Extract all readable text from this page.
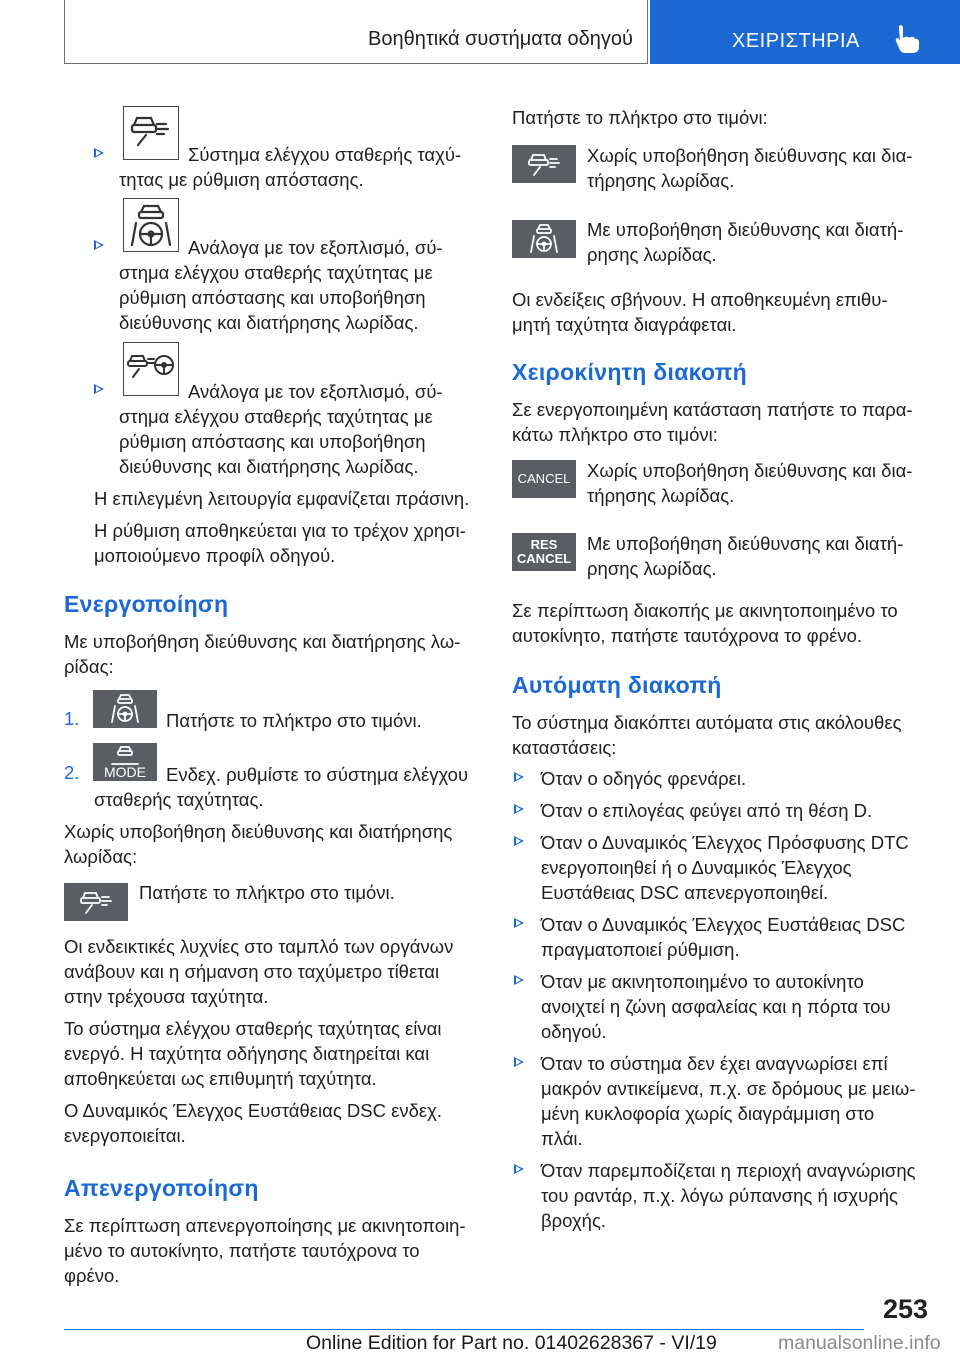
Βοηθητικά συστήματα οδηγού	ΧΕΙΡΙΣΤΗΡΙΑ
Σύστημα ελέγχου σταθερής ταχύ-
τητας με ρύθμιση απόστασης.
Ανάλογα με τον εξοπλισμό, σύ-
στημα ελέγχου σταθερής ταχύτητας με
ρύθμιση απόστασης και υποβοήθηση
διεύθυνσης και διατήρησης λωρίδας.
Ανάλογα με τον εξοπλισμό, σύ-
στημα ελέγχου σταθερής ταχύτητας με
ρύθμιση απόστασης και υποβοήθηση
διεύθυνσης και διατήρησης λωρίδας.
Η επιλεγμένη λειτουργία εμφανίζεται πράσινη.
Η ρύθμιση αποθηκεύεται για το τρέχον χρησι-
μοποιούμενο προφίλ οδηγού.
Ενεργοποίηση
Με υποβοήθηση διεύθυνσης και διατήρησης λω-
ρίδας:
1.	Πατήστε το πλήκτρο στο τιμόνι.
2.	MODE	Ενδεχ. ρυθμίστε το σύστημα ελέγχου
σταθερής ταχύτητας.
Χωρίς υποβοήθηση διεύθυνσης και διατήρησης
λωρίδας:
Πατήστε το πλήκτρο στο τιμόνι.
Οι ενδεικτικές λυχνίες στο ταμπλό των οργάνων
ανάβουν και η σήμανση στο ταχύμετρο τίθεται
στην τρέχουσα ταχύτητα.
Το σύστημα ελέγχου σταθερής ταχύτητας είναι
ενεργό. Η ταχύτητα οδήγησης διατηρείται και
αποθηκεύεται ως επιθυμητή ταχύτητα.
Ο Δυναμικός Έλεγχος Ευστάθειας DSC ενδεχ.
ενεργοποιείται.
Απενεργοποίηση
Σε περίπτωση απενεργοποίησης με ακινητοποιη-
μένο το αυτοκίνητο, πατήστε ταυτόχρονα το
φρένο.
Πατήστε το πλήκτρο στο τιμόνι:
Χωρίς υποβοήθηση διεύθυνσης και δια-
τήρησης λωρίδας.
Με υποβοήθηση διεύθυνσης και διατή-
ρησης λωρίδας.
Οι ενδείξεις σβήνουν. Η αποθηκευμένη επιθυ-
μητή ταχύτητα διαγράφεται.
Χειροκίνητη διακοπή
Σε ενεργοποιημένη κατάσταση πατήστε το παρα-
κάτω πλήκτρο στο τιμόνι:
CANCEL Χωρίς υποβοήθηση διεύθυνσης και δια-
τήρησης λωρίδας.
RES
CANCEL
Με υποβοήθηση διεύθυνσης και διατή-
ρησης λωρίδας.
Σε περίπτωση διακοπής με ακινητοποιημένο το
αυτοκίνητο, πατήστε ταυτόχρονα το φρένο.
Αυτόματη διακοπή
Το σύστημα διακόπτει αυτόματα στις ακόλουθες
καταστάσεις:
Όταν ο οδηγός φρενάρει.
Όταν ο επιλογέας φεύγει από τη θέση D.
Όταν ο Δυναμικός Έλεγχος Πρόσφυσης DTC
ενεργοποιηθεί ή ο Δυναμικός Έλεγχος
Ευστάθειας DSC απενεργοποιηθεί.
Όταν ο Δυναμικός Έλεγχος Ευστάθειας DSC
πραγματοποιεί ρύθμιση.
Όταν με ακινητοποιημένο το αυτοκίνητο
ανοιχτεί η ζώνη ασφαλείας και η πόρτα του
οδηγού.
Όταν το σύστημα δεν έχει αναγνωρίσει επί
μακρόν αντικείμενα, π.χ. σε δρόμους με μειω-
μένη κυκλοφορία χωρίς διαγράμμιση στο
πλάι.
Όταν παρεμποδίζεται η περιοχή αναγνώρισης
του ραντάρ, π.χ. λόγω ρύπανσης ή ισχυρής
βροχής.
253
Online Edition for Part no. 01402628367 - VI/19	manualsonline.info
